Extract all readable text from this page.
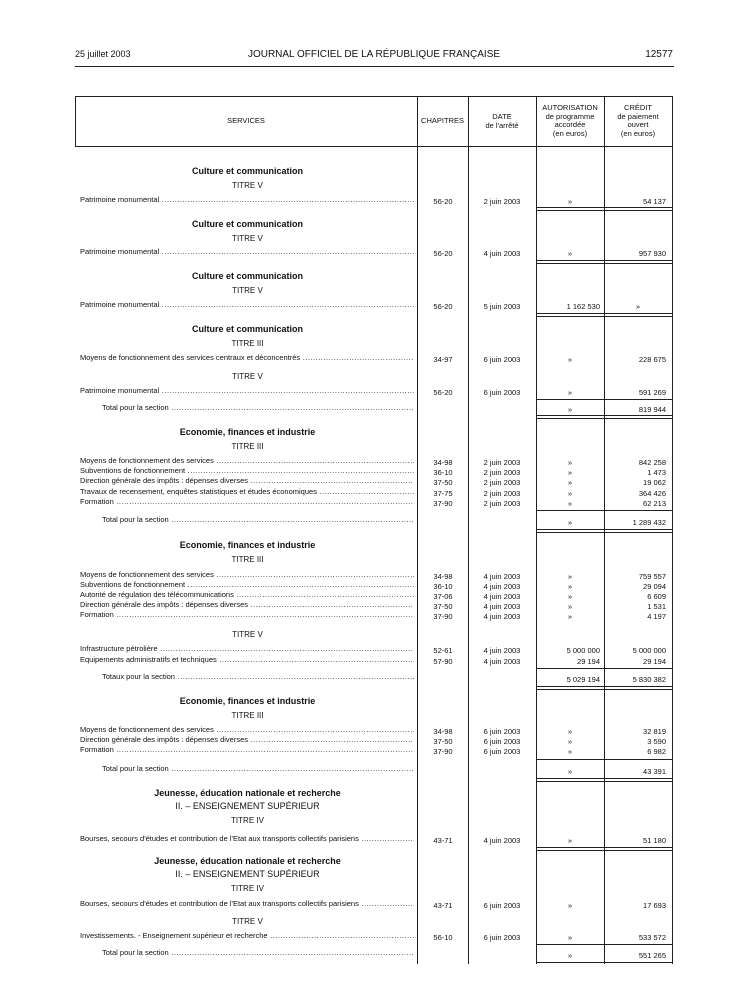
25 juillet 2003	JOURNAL OFFICIEL DE LA RÉPUBLIQUE FRANÇAISE	12577
SERVICES	CHAPITRES	DATE
de l'arrêté
AUTORISATION
de programme
accordée
(en euros)
CRÉDIT
de paiement
ouvert
(en euros)
Culture et communication
TITRE V
Patrimoine monumental .....	56-20	2 juin 2003	»	54 137
Culture et communication
TITRE V
Patrimoine monumental .....	56-20	4 juin 2003	»	957 930
Culture et communication
TITRE V
Patrimoine monumental .....	56-20	5 juin 2003	1 162 530	»
Culture et communication
TITRE III
Moyens de fonctionnement des services centraux et déconcentrés .....	34-97	6 juin 2003	»	228 675
TITRE V
Patrimoine monumental .....	56-20	6 juin 2003	»	591 269
Total pour la section .....	»	819 944
Economie, finances et industrie
TITRE III
Moyens de fonctionnement des services .....	34-98	2 juin 2003	»	842 258
Subventions de fonctionnement .....	36-10	2 juin 2003	»	1 473
Direction générale des impôts : dépenses diverses .....	37-50	2 juin 2003	»	19 062
Travaux de recensement, enquêtes statistiques et études économiques .....	37-75	2 juin 2003	»	364 426
Formation .....	37-90	2 juin 2003	»	62 213
Total pour la section .....	»	1 289 432
Economie, finances et industrie
TITRE III
Moyens de fonctionnement des services .....	34-98	4 juin 2003	»	759 557
Subventions de fonctionnement .....	36-10	4 juin 2003	»	29 094
Autorité de régulation des télécommunications .....	37-06	4 juin 2003	»	6 609
Direction générale des impôts : dépenses diverses .....	37-50	4 juin 2003	»	1 531
Formation .....	37-90	4 juin 2003	»	4 197
TITRE V
Infrastructure pétrolière .....	52-61	4 juin 2003	5 000 000	5 000 000
Equipements administratifs et techniques .....	57-90	4 juin 2003	29 194	29 194
Totaux pour la section .....	5 029 194	5 830 382
Economie, finances et industrie
TITRE III
Moyens de fonctionnement des services .....	34-98	6 juin 2003	»	32 819
Direction générale des impôts : dépenses diverses .....	37-50	6 juin 2003	»	3 590
Formation .....	37-90	6 juin 2003	»	6 982
Total pour la section .....	»	43 391
Jeunesse, éducation nationale et recherche
II. – ENSEIGNEMENT SUPÉRIEUR
TITRE IV
Bourses, secours d'études et contribution de l'Etat aux transports collectifs parisiens .....	43-71	4 juin 2003	»	51 180
Jeunesse, éducation nationale et recherche
II. – ENSEIGNEMENT SUPÉRIEUR
TITRE IV
Bourses, secours d'études et contribution de l'Etat aux transports collectifs parisiens .....	43-71	6 juin 2003	»	17 693
TITRE V
Investissements. - Enseignement supérieur et recherche .....	56-10	6 juin 2003	»	533 572
Total pour la section .....	»	551 265
